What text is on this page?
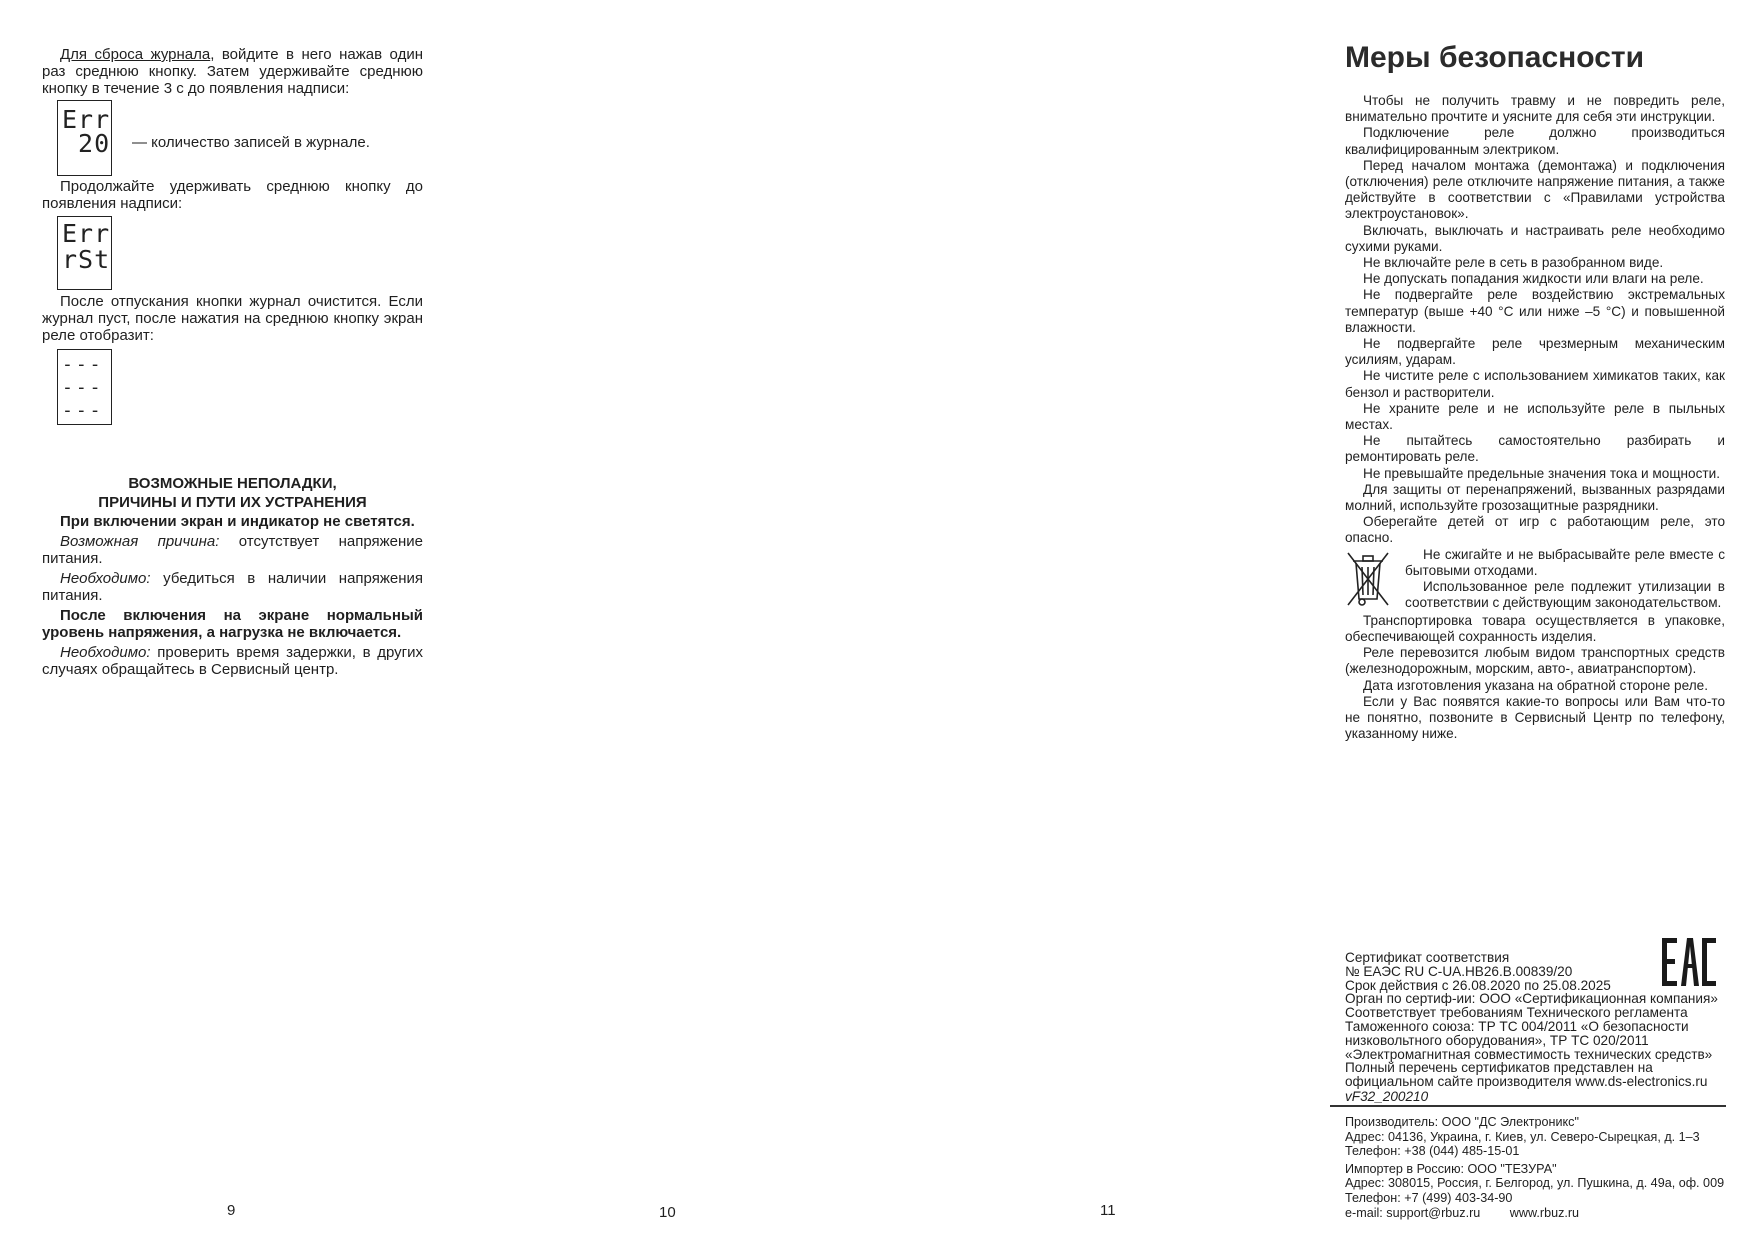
Для сброса журнала, войдите в него нажав один раз среднюю кнопку. Затем удерживайте среднюю кнопку в течение 3 с до появления надписи:

Err
20 — количество записей в журнале.

Продолжайте удерживать среднюю кнопку до появления надписи:

Err
rSt

После отпускания кнопки журнал очистится. Если журнал пуст, после нажатия на среднюю кнопку экран реле отобразит:

---
---
---
ВОЗМОЖНЫЕ НЕПОЛАДКИ,
ПРИЧИНЫ И ПУТИ ИХ УСТРАНЕНИЯ

При включении экран и индикатор не светятся.

Возможная причина: отсутствует напряжение питания.

Необходимо: убедиться в наличии напряжения питания.

После включения на экране нормальный уровень напряжения, а нагрузка не включается.

Необходимо: проверить время задержки, в других случаях обращайтесь в Сервисный центр.

9	10	11
Меры безопасности

Чтобы не получить травму и не повредить реле, внимательно прочтите и уясните для себя эти инструкции.

Подключение реле должно производиться квалифицированным электриком.

Перед началом монтажа (демонтажа) и подключения (отключения) реле отключите напряжение питания, а также действуйте в соответствии с «Правилами устройства электроустановок».

Включать, выключать и настраивать реле необходимо сухими руками.

Не включайте реле в сеть в разобранном виде.

Не допускать попадания жидкости или влаги на реле.

Не подвергайте реле воздействию экстремальных температур (выше +40 °С или ниже –5 °С) и повышенной влажности.

Не подвергайте реле чрезмерным механическим усилиям, ударам.

Не чистите реле с использованием химикатов таких, как бензол и растворители.

Не храните реле и не используйте реле в пыльных местах.

Не пытайтесь самостоятельно разбирать и ремонтировать реле.

Не превышайте предельные значения тока и мощности.

Для защиты от перенапряжений, вызванных разрядами молний, используйте грозозащитные разрядники.

Оберегайте детей от игр с работающим реле, это опасно.

Не сжигайте и не выбрасывайте реле вместе с бытовыми отходами.

Использованное реле подлежит утилизации в соответствии с действующим законодательством.

Транспортировка товара осуществляется в упаковке, обеспечивающей сохранность изделия.

Реле перевозится любым видом транспортных средств (железнодорожным, морским, авто-, авиатранспортом).

Дата изготовления указана на обратной стороне реле.

Если у Вас появятся какие-то вопросы или Вам что-то не понятно, позвоните в Сервисный Центр по телефону, указанному ниже.

Сертификат соответствия
№ ЕАЭС RU C-UA.HB26.B.00839/20
Срок действия с 26.08.2020 по 25.08.2025
Орган по сертиф-ии: ООО «Сертификационная компания»
Соответствует требованиям Технического регламента
Таможенного союза: ТР ТС 004/2011 «О безопасности
низковольтного оборудования», ТР ТС 020/2011
«Электромагнитная совместимость технических средств»
Полный перечень сертификатов представлен на
официальном сайте производителя www.ds-electronics.ru
vF32_200210
Производитель: ООО "ДС Электроникс"
Адрес: 04136, Украина, г. Киев, ул. Северо-Сырецкая, д. 1–3
Телефон: +38 (044) 485-15-01
Импортер в Россию: ООО "ТЕЗУРА"
Адрес: 308015, Россия, г. Белгород, ул. Пушкина, д. 49а, оф. 009
Телефон: +7 (499) 403-34-90
e-mail: support@rbuz.ru www.rbuz.ru
